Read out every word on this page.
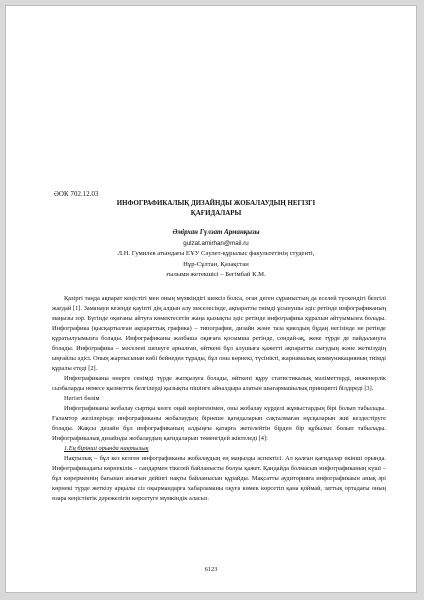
ӘОК 702.12.03
ИНФОГРАФИКАЛЫҚ ДИЗАЙНДЫ ЖОБАЛАУДЫҢ НЕГІЗГІ
ҚАҒИДАЛАРЫ
Әмірхан Гүлзат Арманқызы
gulzat.amirhan@mail.ru
Л.Н. Гумилев атындағы ЕҰУ Сәулет-құрылыс факультетінің студенті,
Нұр-Сұлтан, Қазақстан
ғылыми жетекшісі – Бегімбай К.М.

Қазіргі таңда ақпарат кеңістігі мен оның мүмкіндігі шексіз болса, оған деген сұраныстың да еселей түскендігі белгілі жағдай [1]. Заманауи кезеңде қауіпті дің алдын алу мәселесінде, ақпаратты тиімді ұсынушы әдіс ретінде инфографиканың маңызы зор. Бүгінде оқиғаны айтуға көмектесетін жаңа қызықты әдіс ретінде инфографика құралын айтуымызға болады. Инфографика (қысқартылған ақпараттық графика) – типография, дизайн және таза қиялдың бұдаң негізінде не ретінде құратылуымызға болады. Инфографиканы жазбаша оқиғаға қосымша ретінде, сондай-ақ, жеке түрде де пайдалануға болады. Инфографика – мәселені шешуге арналған, өйткені бұл алушыға қажетті ақпаратты сығудың және жеткізудің ыңғайлы әдісі. Оның жартысынан көбі бейнеден тұрады, бұл оны көрнекі, түсінікті, жарнамалық коммуникацияның тиімді құралы етеді [2].

Инфографиканы өнерге сенімді түрде жатқызуға болады, өйткені құру статистикалық мәліметтерді, инженерлік сызбаларды немесе қызметтік белгілерді қызықты пішінге айналдыра алатын шығармашылық принципті білдіреді [3].

Негізгі бөлім

Инфографиканы жобалау сыртқы көзге оңай көрінгенімен, оны жобалау күрделі жұмыстардың бірі болып табылады. Ғаламтор желілерінде инфографиканы жобалаудың бірнеше қағидаларын сақталмаған нұсқаларын жиі кездестіруге болады. Жақсы дизайн бұл инфографиканың алдыңғы қатарға жетелейтін бірден бір құбылыс болып табылады. Инфографикалық дизайнды жобалаудың қағидаларын төменгідей жіктеледі [4]:

1.Ең бірінші орында нақтылық

Нақтылық – бұл кез келген инфографиканы жобалаудың ең маңызды аспектісі. Ал қалған қағидалар екінші орында. Инфографикадағы көрнекілік – сандармен тікелей байланысты болуы қажет. Қандайда болмасын инфографиканың күші – бұл көрерменнің бағынан анығын дейінгі нақты байланысын құрайды. Мақсатты аудиторияға инфографикаын анық әрі көрнекі түрде жеткізу арқылы сіз оқырмандарға хабарламаны оқуға көмек көрсетіп қана қоймай, заттық ортадағы оның өзара кеңістіктік дәрежелігін көрсетуге мүмкіндік аласыз.

6123
